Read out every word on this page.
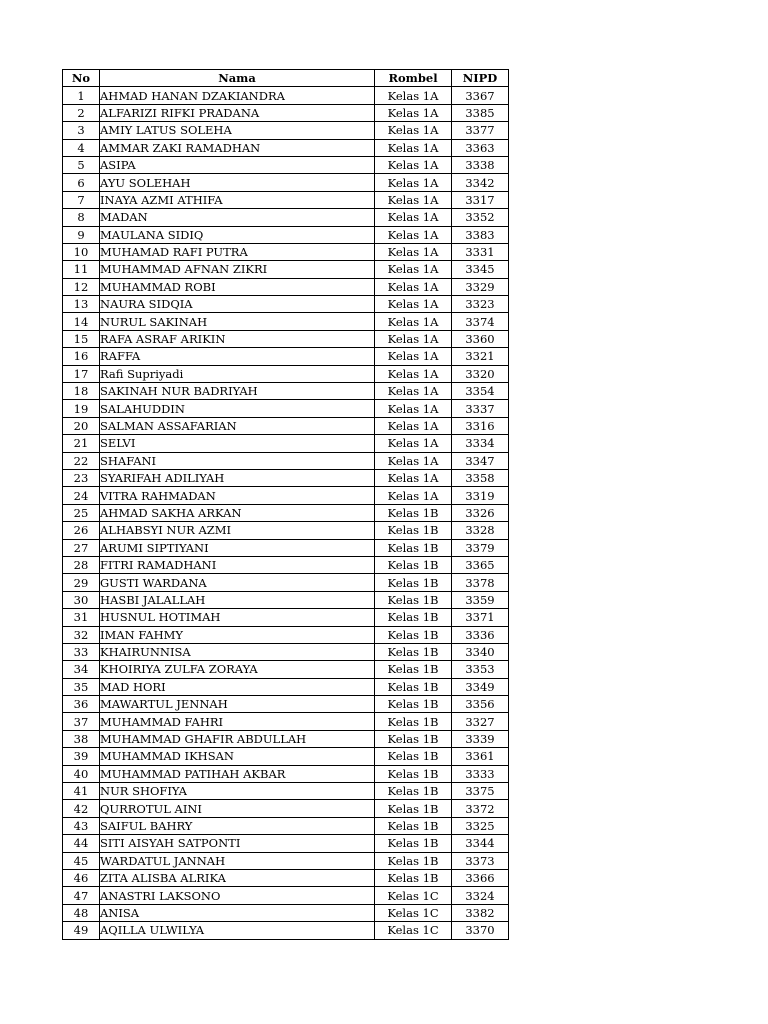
No	Nama	Rombel	NIPD
1	AHMAD HANAN DZAKIANDRA	Kelas 1A	3367
2	ALFARIZI RIFKI PRADANA	Kelas 1A	3385
3	AMIY LATUS SOLEHA	Kelas 1A	3377
4	AMMAR ZAKI RAMADHAN	Kelas 1A	3363
5	ASIPA	Kelas 1A	3338
6	AYU SOLEHAH	Kelas 1A	3342
7	INAYA AZMI ATHIFA	Kelas 1A	3317
8	MADAN	Kelas 1A	3352
9	MAULANA SIDIQ	Kelas 1A	3383
10	MUHAMAD RAFI PUTRA	Kelas 1A	3331
11	MUHAMMAD AFNAN ZIKRI	Kelas 1A	3345
12	MUHAMMAD ROBI	Kelas 1A	3329
13	NAURA SIDQIA	Kelas 1A	3323
14	NURUL SAKINAH	Kelas 1A	3374
15	RAFA ASRAF ARIKIN	Kelas 1A	3360
16	RAFFA	Kelas 1A	3321
17	Rafi Supriyadi	Kelas 1A	3320
18	SAKINAH NUR BADRIYAH	Kelas 1A	3354
19	SALAHUDDIN	Kelas 1A	3337
20	SALMAN ASSAFARIAN	Kelas 1A	3316
21	SELVI	Kelas 1A	3334
22	SHAFANI	Kelas 1A	3347
23	SYARIFAH ADILIYAH	Kelas 1A	3358
24	VITRA RAHMADAN	Kelas 1A	3319
25	AHMAD SAKHA ARKAN	Kelas 1B	3326
26	ALHABSYI NUR AZMI	Kelas 1B	3328
27	ARUMI SIPTIYANI	Kelas 1B	3379
28	FITRI RAMADHANI	Kelas 1B	3365
29	GUSTI WARDANA	Kelas 1B	3378
30	HASBI JALALLAH	Kelas 1B	3359
31	HUSNUL HOTIMAH	Kelas 1B	3371
32	IMAN FAHMY	Kelas 1B	3336
33	KHAIRUNNISA	Kelas 1B	3340
34	KHOIRIYA ZULFA ZORAYA	Kelas 1B	3353
35	MAD HORI	Kelas 1B	3349
36	MAWARTUL JENNAH	Kelas 1B	3356
37	MUHAMMAD FAHRI	Kelas 1B	3327
38	MUHAMMAD GHAFIR ABDULLAH	Kelas 1B	3339
39	MUHAMMAD IKHSAN	Kelas 1B	3361
40	MUHAMMAD PATIHAH AKBAR	Kelas 1B	3333
41	NUR SHOFIYA	Kelas 1B	3375
42	QURROTUL AINI	Kelas 1B	3372
43	SAIFUL BAHRY	Kelas 1B	3325
44	SITI AISYAH SATPONTI	Kelas 1B	3344
45	WARDATUL JANNAH	Kelas 1B	3373
46	ZITA ALISBA ALRIKA	Kelas 1B	3366
47	ANASTRI LAKSONO	Kelas 1C	3324
48	ANISA	Kelas 1C	3382
49	AQILLA ULWILYA	Kelas 1C	3370
